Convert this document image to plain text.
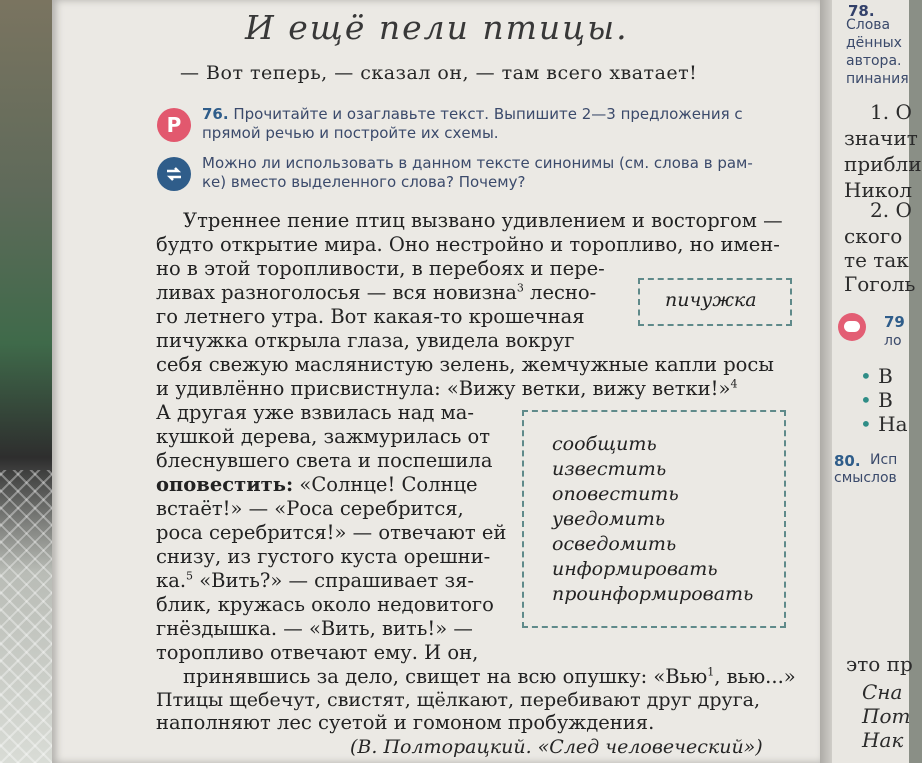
78.
Слова
дённых
автора.
пинания
1. О
значит
прибли
Никол
2. О
ского
те так
Гоголь
79
ло
• В
• В
• На
80. Исп
смыслов
это пр
Сна
Пот
Нак
И ещё пели птицы.
— Вот теперь, — сказал он, — там всего хватает!
Р	76. Прочитайте и озаглавьте текст. Выпишите 2—3 предложения с
прямой речью и постройте их схемы.
Можно ли использовать в данном тексте синонимы (см. слова в рам-
ке) вместо выделенного слова? Почему?
Утреннее пение птиц вызвано удивлением и восторгом —
будто открытие мира. Оно нестройно и торопливо, но имен-
но в этой торопливости, в перебоях и пере-
ливах разноголосья — вся новизна$^3$ лесно-
го летнего утра. Вот какая-то крошечная
пичужка открыла глаза, увидела вокруг
себя свежую маслянистую зелень, жемчужные капли росы
и удивлённо присвистнула: «Вижу ветки, вижу ветки!»$^4$
А другая уже взвилась над ма-
кушкой дерева, зажмурилась от
блеснувшего света и поспешила
оповестить: «Солнце! Солнце
встаёт!» — «Роса серебрится,
роса серебрится!» — отвечают ей
снизу, из густого куста орешни-
ка.$^5$ «Вить?» — спрашивает зя-
блик, кружась около недовитого
гнёздышка. — «Вить, вить!» —
торопливо отвечают ему. И он,
принявшись за дело, свищет на всю опушку: «Вью$^1$, вью...»
Птицы щебечут, свистят, щёлкают, перебивают друг друга,
пичужка
сообщить
известить
оповестить
уведомить
осведомить
информировать
проинформировать
наполняют лес суетой и гомоном пробуждения.
(В. Полторацкий. «След человеческий»)
